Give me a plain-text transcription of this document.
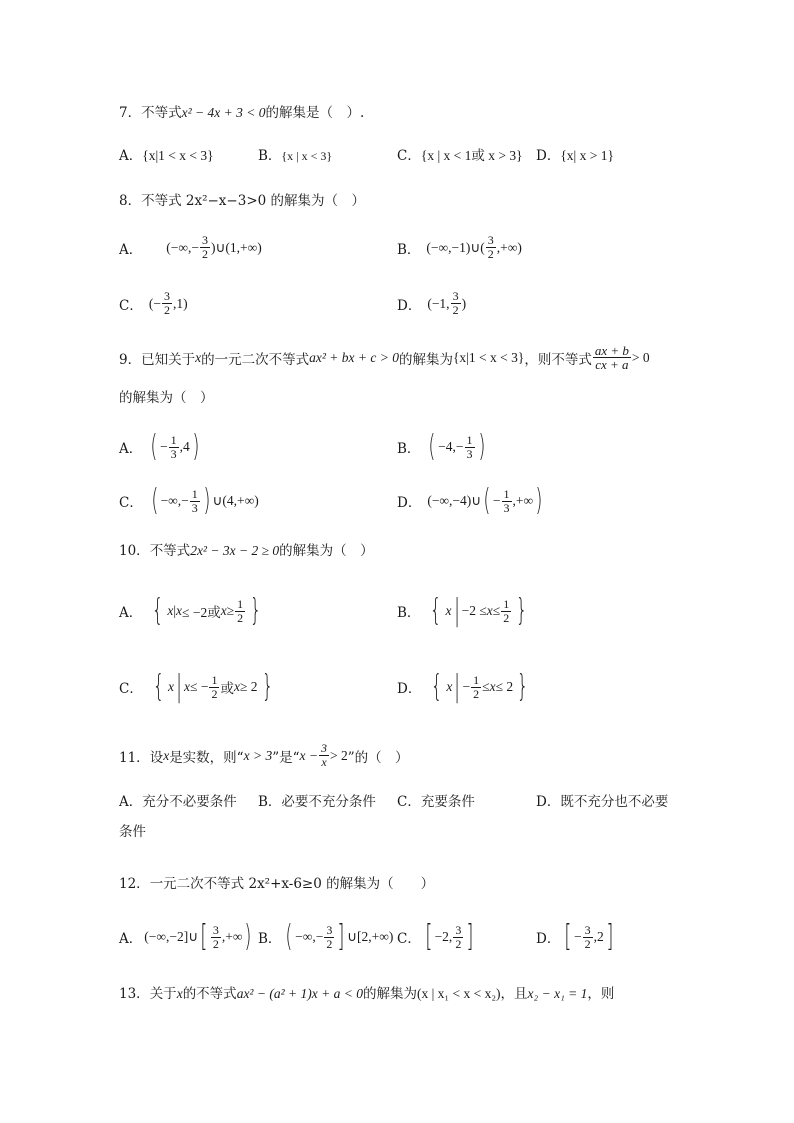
7．不等式x² − 4x + 3 < 0的解集是（　）.
A．{x|1 < x < 3}	B．{x | x < 3}	C．{x | x < 1或 x > 3} D．{x| x > 1}
8．不等式 2x²−x−3>0 的解集为（　）
A． (−∞,− $\frac{3}{2}$ )∪(1,+∞)	B． (−∞,−1)∪( $\frac{3}{2}$ ,+∞)
C． (− $\frac{3}{2} ,1$)	D． (−1, $\frac{3}{2}$ )
9． 已知关于 x 的一元二次不等式 ax² + bx + c > 0 的解集为 {x|1 < x < 3} ，则不等式 $\frac{ax + b}{cx + a} > 0$
的解集为（　）
A． ( − $\frac{1}{3} ,4$ )	B． ( $-4,- \frac{1}{3}$ )
C． ( −∞,− $\frac{1}{3}$ ) ∪(4,+∞)	D． (−∞,−4)∪ ( − $\frac{1}{3}$ ,+∞ )
10．不等式2x² − 3x − 2 ≥ 0的解集为（　）
A． { x | x ≤ −2或 $x \ge \frac{1}{2}$ }	B． { x | $-2 \le x \le \frac{1}{2}$ }
C． { x | x ≤ − $\frac{1}{2}$ 或 x ≥ 2 }	D． { x | − $\frac{1}{2} \le x \le 2$ }
11． 设 x 是实数，则“ x > 3 ”是“ $x - \frac{3}{x} > 2$ ”的（　）
A．充分不必要条件 B．必要不充分条件 C．充要条件	D．既不充分也不必要
条件
12．一元二次不等式 2x²+x-6≥0 的解集为（　　）
A． (−∞,−2]∪ [ $\frac{3}{2}$ ,+∞ ) B． ( −∞,− $\frac{3}{2}$ ] ∪[2,+∞) C． [ −2, $\frac{3}{2}$ ]	D． [ − $\frac{3}{2} ,2$ ]
13．关于x的不等式ax² − (a² + 1)x + a < 0的解集为(x | x₁ < x < x₂)，且x₂ − x₁ = 1，则
